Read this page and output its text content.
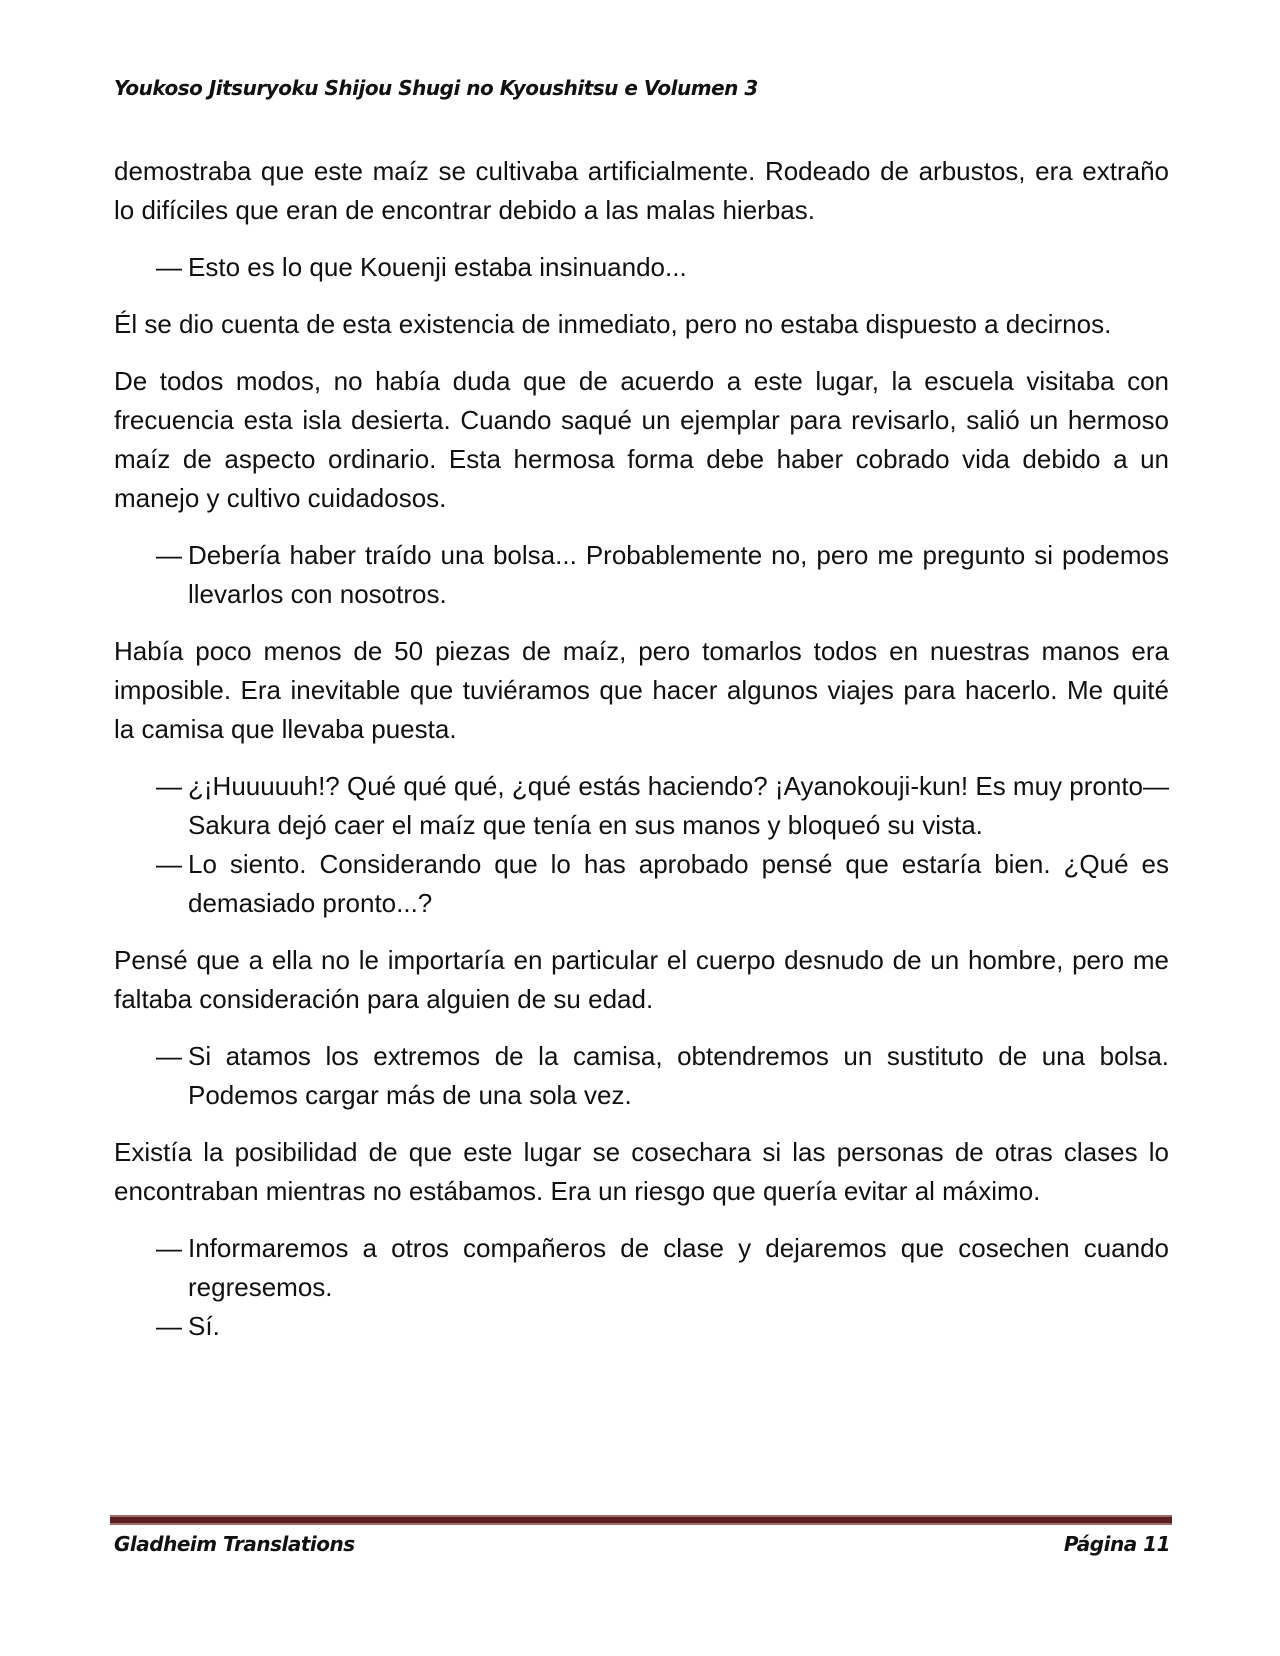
Youkoso Jitsuryoku Shijou Shugi no Kyoushitsu e Volumen 3

demostraba que este maíz se cultivaba artificialmente. Rodeado de arbustos, era extraño lo difíciles que eran de encontrar debido a las malas hierbas.

— Esto es lo que Kouenji estaba insinuando...

Él se dio cuenta de esta existencia de inmediato, pero no estaba dispuesto a decirnos.

De todos modos, no había duda que de acuerdo a este lugar, la escuela visitaba con frecuencia esta isla desierta. Cuando saqué un ejemplar para revisarlo, salió un hermoso maíz de aspecto ordinario. Esta hermosa forma debe haber cobrado vida debido a un manejo y cultivo cuidadosos.

— Debería haber traído una bolsa... Probablemente no, pero me pregunto si podemos llevarlos con nosotros.

Había poco menos de 50 piezas de maíz, pero tomarlos todos en nuestras manos era imposible. Era inevitable que tuviéramos que hacer algunos viajes para hacerlo. Me quité la camisa que llevaba puesta.

— ¿¡Huuuuuh!? Qué qué qué, ¿qué estás haciendo? ¡Ayanokouji-kun! Es muy pronto— Sakura dejó caer el maíz que tenía en sus manos y bloqueó su vista.
— Lo siento. Considerando que lo has aprobado pensé que estaría bien. ¿Qué es demasiado pronto...?

Pensé que a ella no le importaría en particular el cuerpo desnudo de un hombre, pero me faltaba consideración para alguien de su edad.

— Si atamos los extremos de la camisa, obtendremos un sustituto de una bolsa. Podemos cargar más de una sola vez.

Existía la posibilidad de que este lugar se cosechara si las personas de otras clases lo encontraban mientras no estábamos. Era un riesgo que quería evitar al máximo.

— Informaremos a otros compañeros de clase y dejaremos que cosechen cuando regresemos.
— Sí.
Gladheim Translations	Página 11
